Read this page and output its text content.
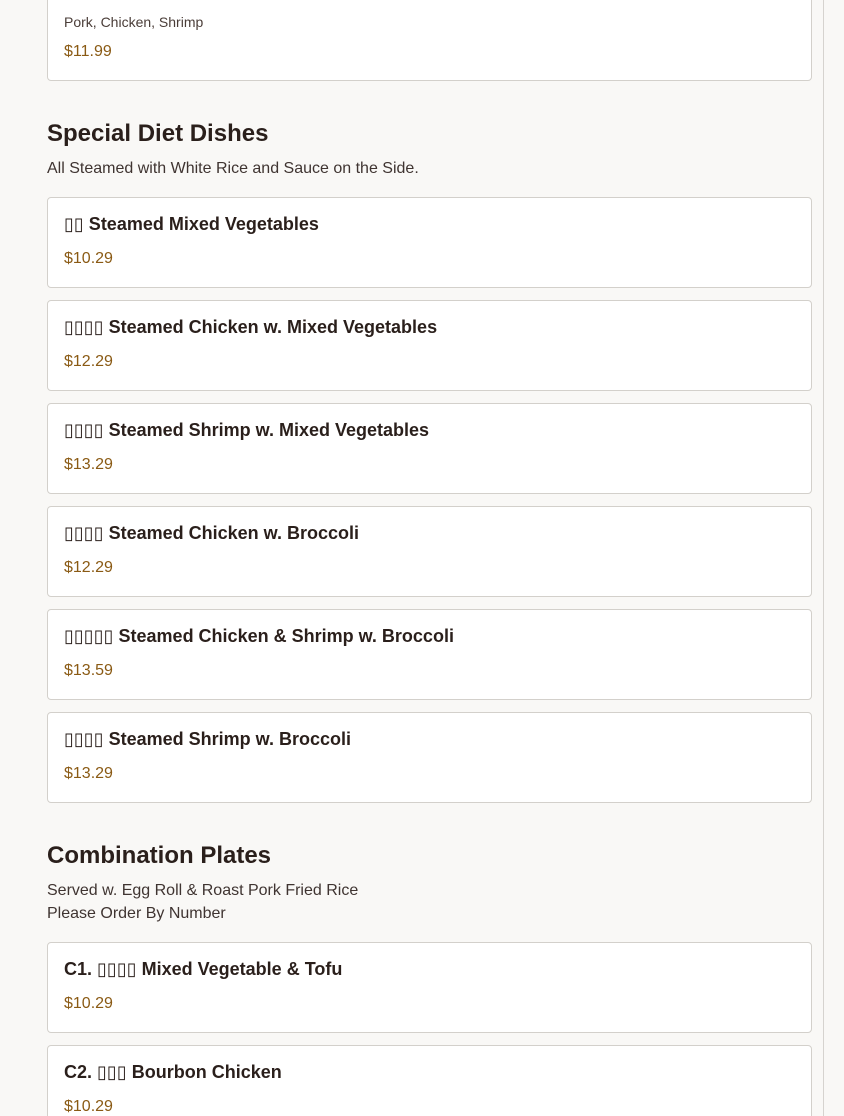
Pork, Chicken, Shrimp
$11.99
Special Diet Dishes
All Steamed with White Rice and Sauce on the Side.
▯▯ Steamed Mixed Vegetables
$10.29
▯▯▯▯ Steamed Chicken w. Mixed Vegetables
$12.29
▯▯▯▯ Steamed Shrimp w. Mixed Vegetables
$13.29
▯▯▯▯ Steamed Chicken w. Broccoli
$12.29
▯▯▯▯▯ Steamed Chicken & Shrimp w. Broccoli
$13.59
▯▯▯▯ Steamed Shrimp w. Broccoli
$13.29
Combination Plates
Served w. Egg Roll & Roast Pork Fried Rice
Please Order By Number
C1. ▯▯▯▯ Mixed Vegetable & Tofu
$10.29
C2. ▯▯▯ Bourbon Chicken
$10.29
